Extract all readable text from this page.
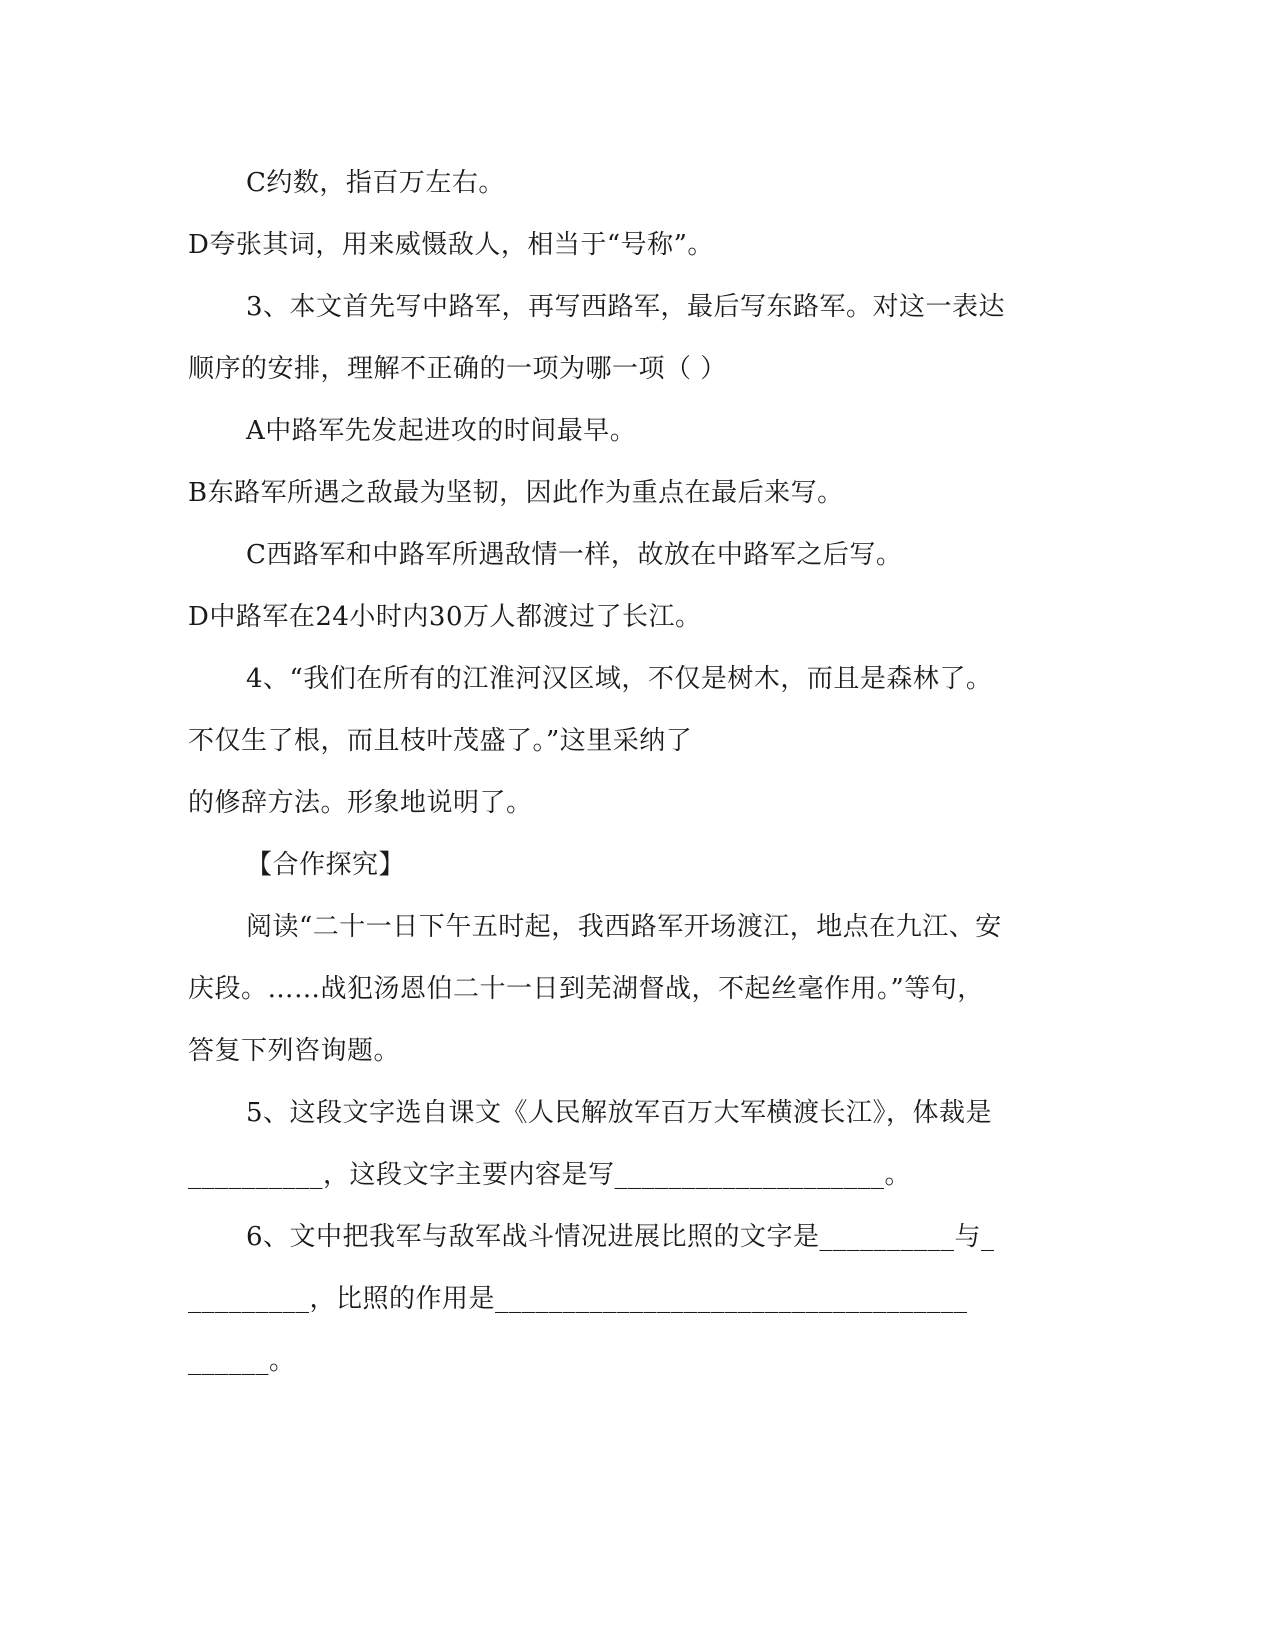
C约数，指百万左右。
D夸张其词，用来威慑敌人，相当于“号称”。
3、本文首先写中路军，再写西路军，最后写东路军。对这一表达
顺序的安排，理解不正确的一项为哪一项（ ）
A中路军先发起进攻的时间最早。
B东路军所遇之敌最为坚韧，因此作为重点在最后来写。
C西路军和中路军所遇敌情一样，故放在中路军之后写。
D中路军在24小时内30万人都渡过了长江。
4、“我们在所有的江淮河汉区域，不仅是树木，而且是森林了。
不仅生了根，而且枝叶茂盛了。”这里采纳了
的修辞方法。形象地说明了。
【合作探究】
阅读“二十一日下午五时起，我西路军开场渡江，地点在九江、安
庆段。……战犯汤恩伯二十一日到芜湖督战，不起丝毫作用。”等句，
答复下列咨询题。
5、这段文字选自课文《人民解放军百万大军横渡长江》，体裁是
__________，这段文字主要内容是写____________________。
6、文中把我军与敌军战斗情况进展比照的文字是__________与_
_________，比照的作用是___________________________________
______。
